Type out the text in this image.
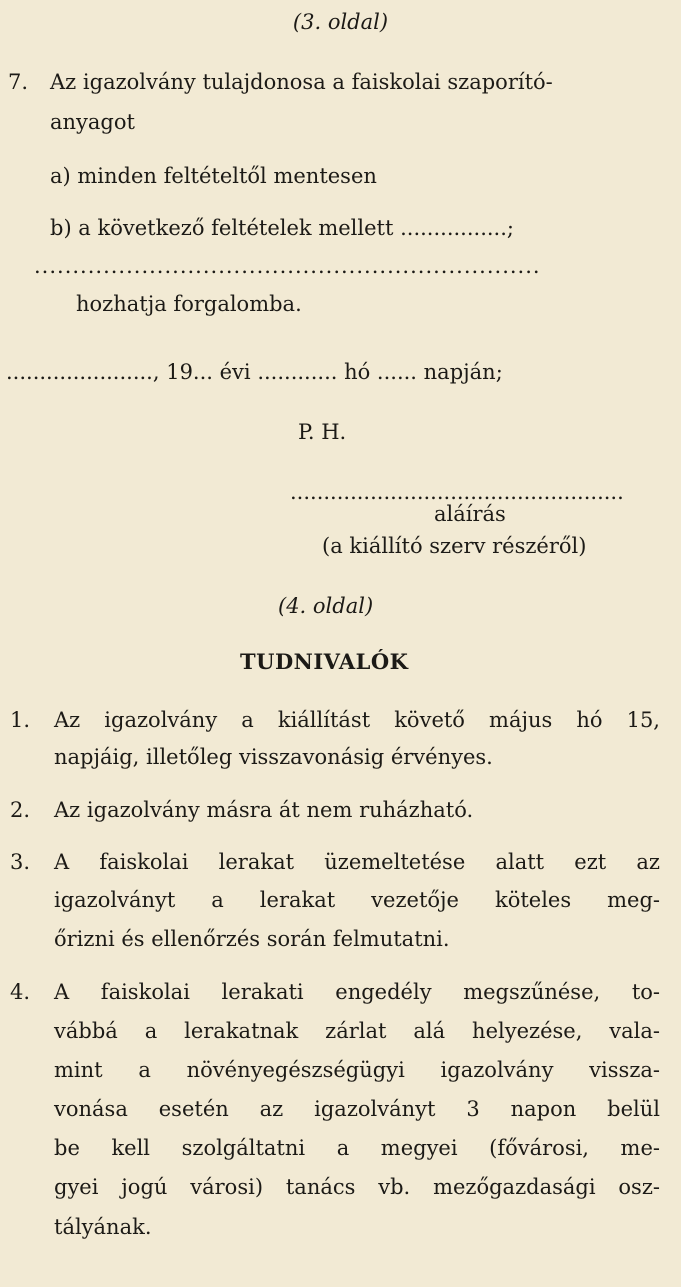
(3. oldal)
7. Az igazolvány tulajdonosa a faiskolai szaporító-
anyagot
a) minden feltételtől mentesen
b) a következő feltételek mellett ................;
..................................................................
hozhatja forgalomba.
......................, 19... évi ............ hó ...... napján;
P. H.
..................................................
aláírás
(a kiállító szerv részéről)
(4. oldal)
TUDNIVALÓK
1. Az igazolvány a kiállítást követő május hó 15,
napjáig, illetőleg visszavonásig érvényes.
2. Az igazolvány másra át nem ruházható.
3. A faiskolai lerakat üzemeltetése alatt ezt az
igazolványt a lerakat vezetője köteles meg-
őrizni és ellenőrzés során felmutatni.
4. A faiskolai lerakati engedély megszűnése, to-
vábbá a lerakatnak zárlat alá helyezése, vala-
mint a növényegészségügyi igazolvány vissza-
vonása esetén az igazolványt 3 napon belül
be kell szolgáltatni a megyei (fővárosi, me-
gyei jogú városi) tanács vb. mezőgazdasági osz-
tályának.
